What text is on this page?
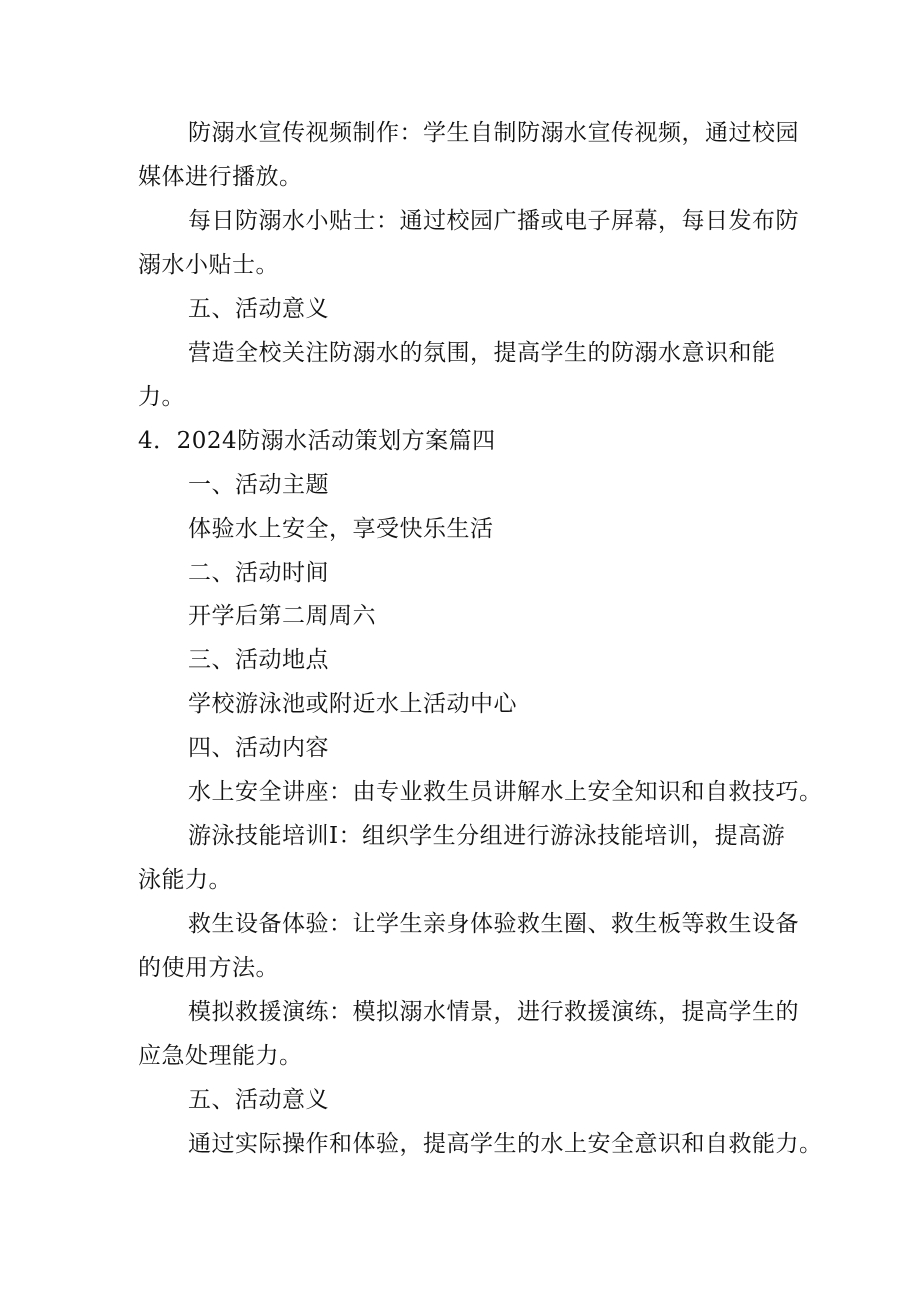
防溺水宣传视频制作：学生自制防溺水宣传视频，通过校园
媒体进行播放。
每日防溺水小贴士：通过校园广播或电子屏幕，每日发布防
溺水小贴士。
五、活动意义
营造全校关注防溺水的氛围，提高学生的防溺水意识和能
力。
4．2024防溺水活动策划方案篇四
一、活动主题
体验水上安全，享受快乐生活
二、活动时间
开学后第二周周六
三、活动地点
学校游泳池或附近水上活动中心
四、活动内容
水上安全讲座：由专业救生员讲解水上安全知识和自救技巧。
游泳技能培训I：组织学生分组进行游泳技能培训，提高游
泳能力。
救生设备体验：让学生亲身体验救生圈、救生板等救生设备
的使用方法。
模拟救援演练：模拟溺水情景，进行救援演练，提高学生的
应急处理能力。
五、活动意义
通过实际操作和体验，提高学生的水上安全意识和自救能力。
